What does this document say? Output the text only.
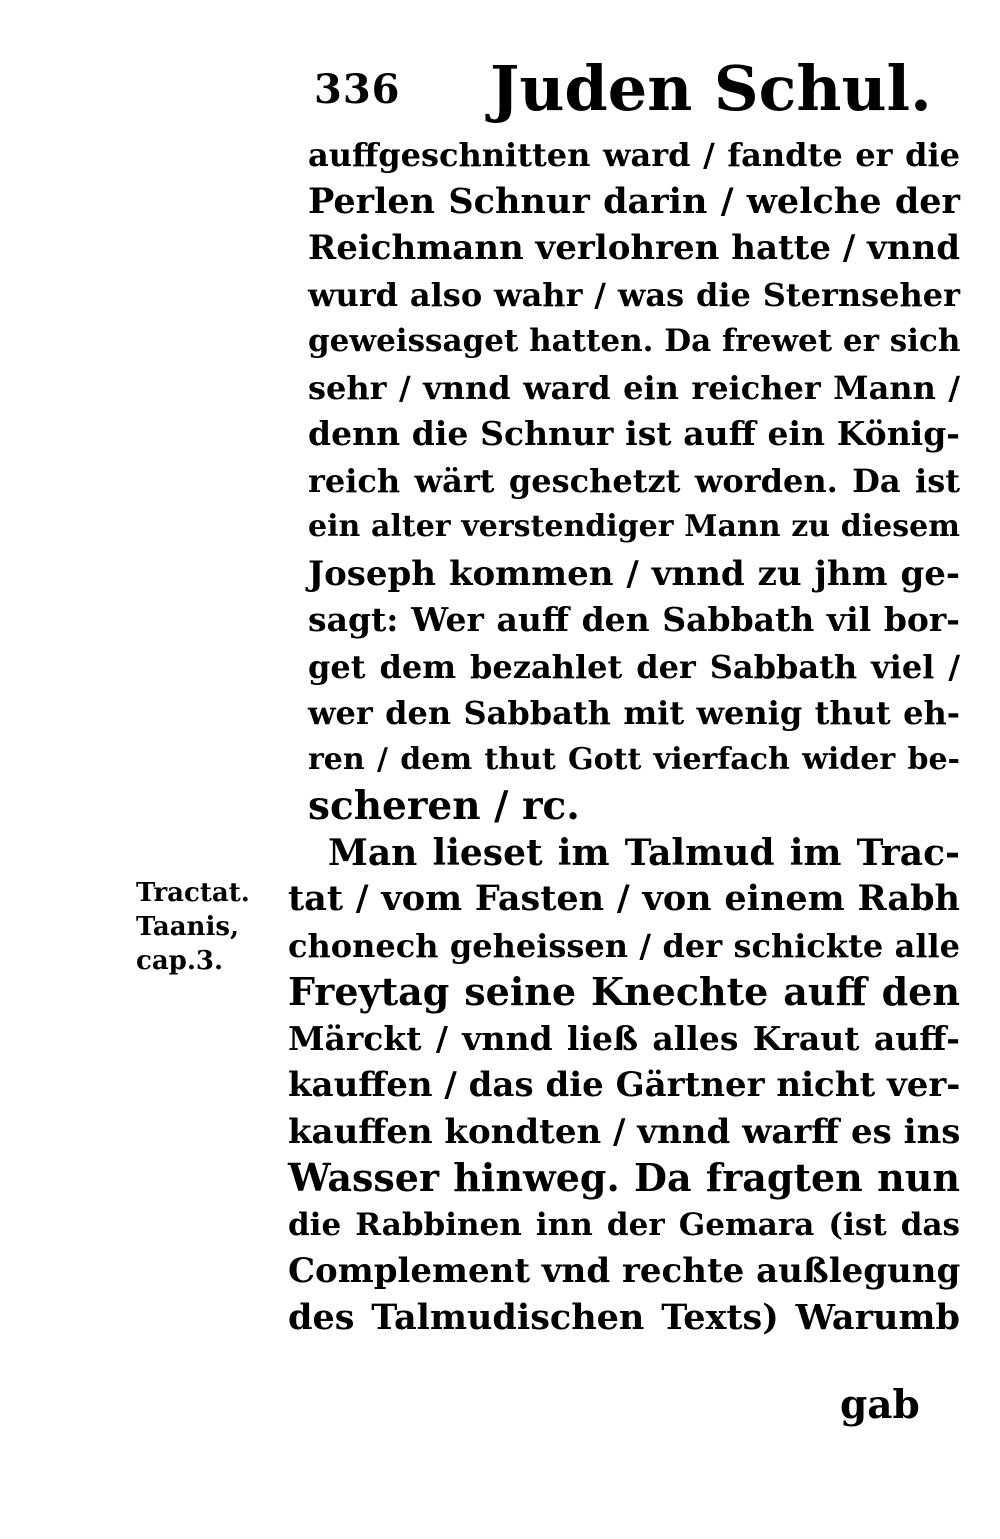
336 Juden Schul.
Tractat.
Taanis,
cap.3.
auffgeschnitten ward / fandte er die
Perlen Schnur darin / welche der
Reichmann verlohren hatte / vnnd
wurd also wahr / was die Sternseher
geweissaget hatten. Da frewet er sich
sehr / vnnd ward ein reicher Mann /
denn die Schnur ist auff ein König-
reich wärt geschetzt worden. Da ist
ein alter verstendiger Mann zu diesem
Joseph kommen / vnnd zu jhm ge-
sagt: Wer auff den Sabbath vil bor-
get dem bezahlet der Sabbath viel /
wer den Sabbath mit wenig thut eh-
ren / dem thut Gott vierfach wider be-
scheren / rc.
Man lieset im Talmud im Trac-
tat / vom Fasten / von einem Rabh
chonech geheissen / der schickte alle
Freytag seine Knechte auff den
Märckt / vnnd ließ alles Kraut auff-
kauffen / das die Gärtner nicht ver-
kauffen kondten / vnnd warff es ins
Wasser hinweg. Da fragten nun
die Rabbinen inn der Gemara (ist das
Complement vnd rechte außlegung
des Talmudischen Texts) Warumb
gab
